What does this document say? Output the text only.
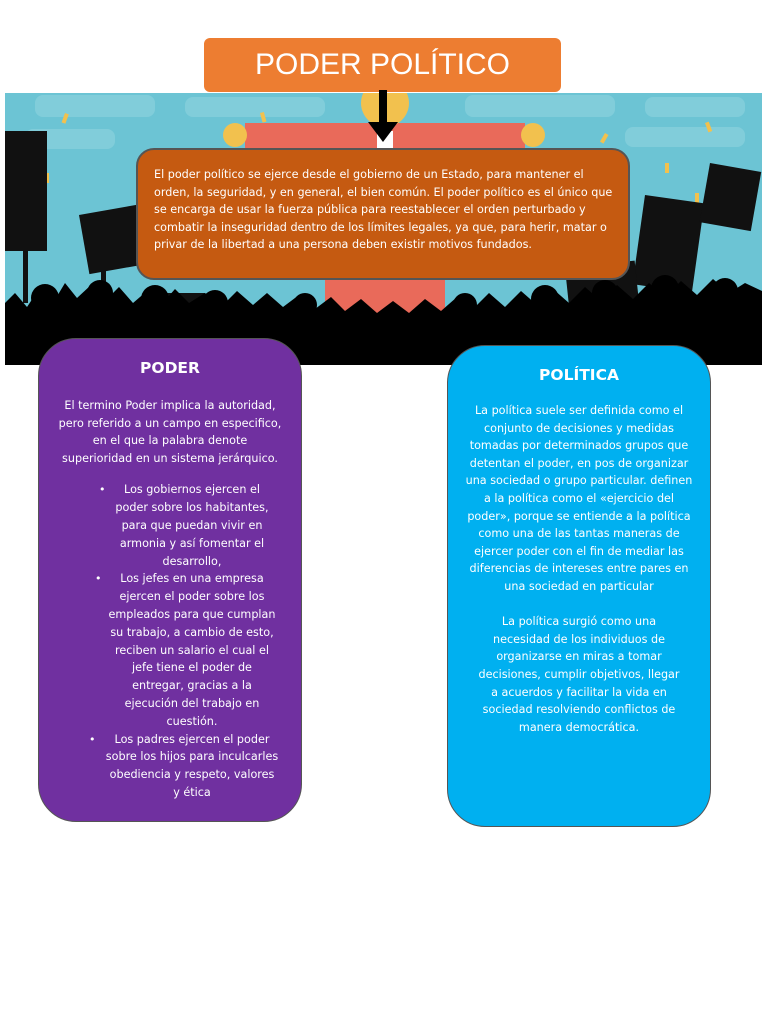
PODER POLÍTICO
El poder político se ejerce desde el gobierno de un Estado, para mantener el orden, la seguridad, y en general, el bien común. El poder político es el único que se encarga de usar la fuerza pública para reestablecer el orden perturbado y combatir la inseguridad dentro de los límites legales, ya que, para herir, matar o privar de la libertad a una persona deben existir motivos fundados.
PODER
El termino Poder implica la autoridad, pero referido a un campo en especifico, en el que la palabra denote superioridad en un sistema jerárquico.
• Los gobiernos ejercen el poder sobre los habitantes, para que puedan vivir en armonia y así fomentar el desarrollo,
• Los jefes en una empresa ejercen el poder sobre los empleados para que cumplan su trabajo, a cambio de esto, reciben un salario el cual el jefe tiene el poder de entregar, gracias a la ejecución del trabajo en cuestión.
• Los padres ejercen el poder sobre los hijos para inculcarles obediencia y respeto, valores y ética
POLÍTICA
La política suele ser definida como el conjunto de decisiones y medidas tomadas por determinados grupos que detentan el poder, en pos de organizar una sociedad o grupo particular. definen a la política como el «ejercicio del poder», porque se entiende a la política como una de las tantas maneras de ejercer poder con el fin de mediar las diferencias de intereses entre pares en una sociedad en particular
La política surgió como una necesidad de los individuos de organizarse en miras a tomar decisiones, cumplir objetivos, llegar a acuerdos y facilitar la vida en sociedad resolviendo conflictos de manera democrática.
